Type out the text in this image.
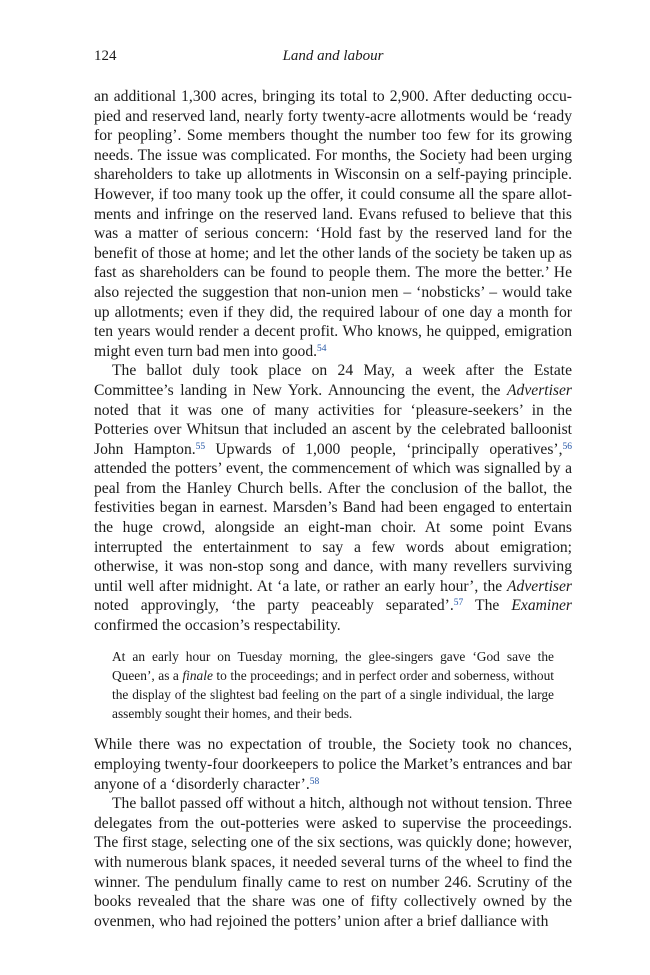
124	Land and labour

an additional 1,300 acres, bringing its total to 2,900. After deducting occupied and reserved land, nearly forty twenty-acre allotments would be ‘ready for peopling’. Some members thought the number too few for its growing needs. The issue was complicated. For months, the Society had been urging shareholders to take up allotments in Wisconsin on a self-paying principle. However, if too many took up the offer, it could consume all the spare allotments and infringe on the reserved land. Evans refused to believe that this was a matter of serious concern: ‘Hold fast by the reserved land for the benefit of those at home; and let the other lands of the society be taken up as fast as shareholders can be found to people them. The more the better.’ He also rejected the suggestion that non-union men – ‘nobsticks’ – would take up allotments; even if they did, the required labour of one day a month for ten years would render a decent profit. Who knows, he quipped, emigration might even turn bad men into good.$^{54}$

The ballot duly took place on 24 May, a week after the Estate Committee’s landing in New York. Announcing the event, the Advertiser noted that it was one of many activities for ‘pleasure-seekers’ in the Potteries over Whitsun that included an ascent by the celebrated balloonist John Hampton.$^{55}$ Upwards of 1,000 people, ‘principally operatives’,$^{56}$ attended the potters’ event, the commencement of which was signalled by a peal from the Hanley Church bells. After the conclusion of the ballot, the festivities began in earnest. Marsden’s Band had been engaged to entertain the huge crowd, alongside an eight-man choir. At some point Evans interrupted the entertainment to say a few words about emigration; otherwise, it was non-stop song and dance, with many revellers surviving until well after midnight. At ‘a late, or rather an early hour’, the Advertiser noted approvingly, ‘the party peaceably separated’.$^{57}$ The Examiner confirmed the occasion’s respectability.

At an early hour on Tuesday morning, the glee-singers gave ‘God save the Queen’, as a finale to the proceedings; and in perfect order and soberness, without the display of the slightest bad feeling on the part of a single individual, the large assembly sought their homes, and their beds.

While there was no expectation of trouble, the Society took no chances, employing twenty-four doorkeepers to police the Market’s entrances and bar anyone of a ‘disorderly character’.$^{58}$

The ballot passed off without a hitch, although not without tension. Three delegates from the out-potteries were asked to supervise the proceedings. The first stage, selecting one of the six sections, was quickly done; however, with numerous blank spaces, it needed several turns of the wheel to find the winner. The pendulum finally came to rest on number 246. Scrutiny of the books revealed that the share was one of fifty collectively owned by the ovenmen, who had rejoined the potters’ union after a brief dalliance with
